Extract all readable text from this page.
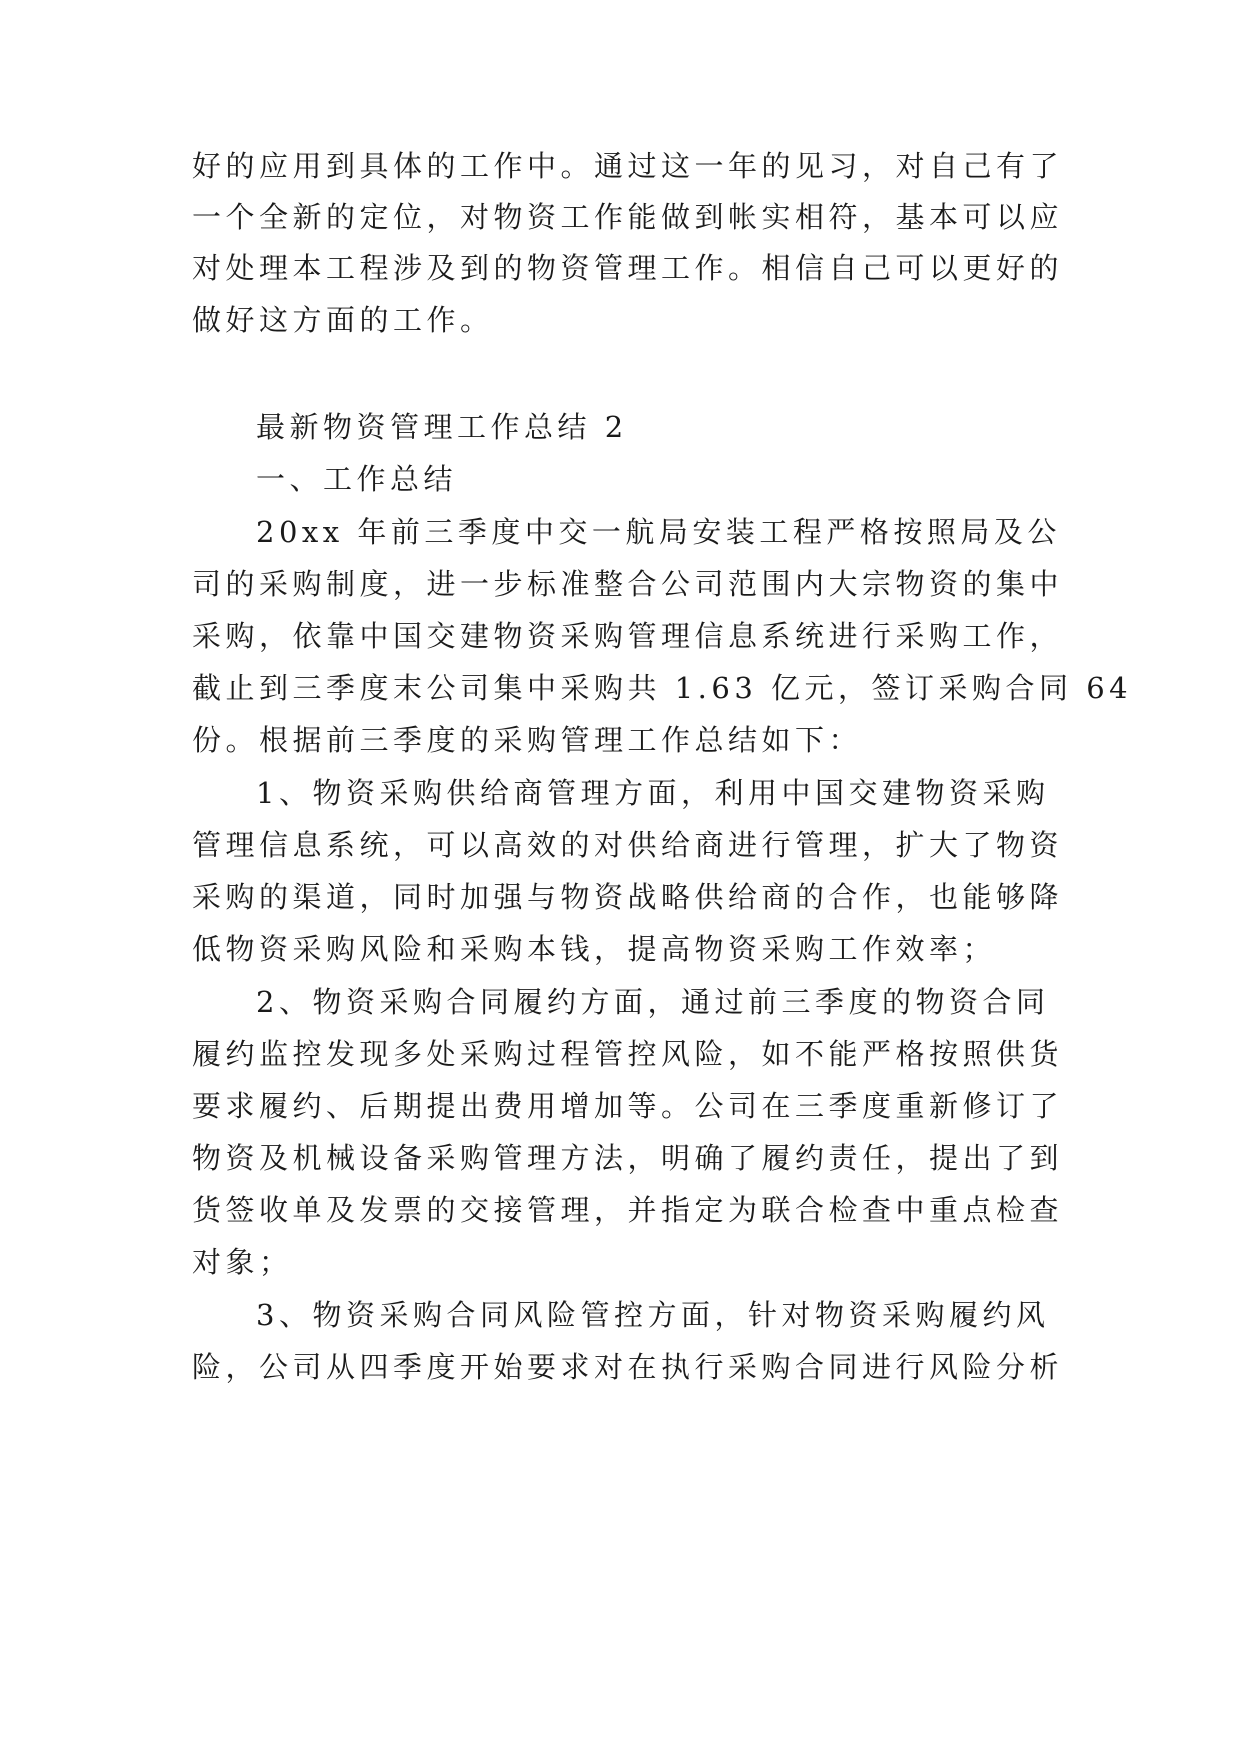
好的应用到具体的工作中。通过这一年的见习，对自己有了
一个全新的定位，对物资工作能做到帐实相符，基本可以应
对处理本工程涉及到的物资管理工作。相信自己可以更好的
做好这方面的工作。
最新物资管理工作总结 2
一、工作总结
20xx 年前三季度中交一航局安装工程严格按照局及公
司的采购制度，进一步标准整合公司范围内大宗物资的集中
采购，依靠中国交建物资采购管理信息系统进行采购工作，
截止到三季度末公司集中采购共 1.63 亿元，签订采购合同 64
份。根据前三季度的采购管理工作总结如下：
1、物资采购供给商管理方面，利用中国交建物资采购
管理信息系统，可以高效的对供给商进行管理，扩大了物资
采购的渠道，同时加强与物资战略供给商的合作，也能够降
低物资采购风险和采购本钱，提高物资采购工作效率；
2、物资采购合同履约方面，通过前三季度的物资合同
履约监控发现多处采购过程管控风险，如不能严格按照供货
要求履约、后期提出费用增加等。公司在三季度重新修订了
物资及机械设备采购管理方法，明确了履约责任，提出了到
货签收单及发票的交接管理，并指定为联合检查中重点检查
对象；
3、物资采购合同风险管控方面，针对物资采购履约风
险，公司从四季度开始要求对在执行采购合同进行风险分析
